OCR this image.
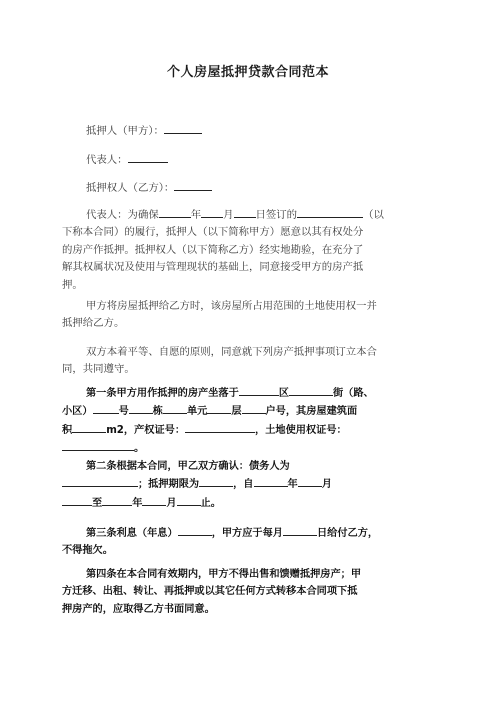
个人房屋抵押贷款合同范本
抵押人（甲方）：
代表人：
抵押权人（乙方）：
代表人：为确保	年 月 日签订的	（以
下称本合同）的履行，抵押人（以下简称甲方）愿意以其有权处分
的房产作抵押。抵押权人（以下简称乙方）经实地勘验，在充分了
解其权属状况及使用与管理现状的基础上，同意接受甲方的房产抵
押。
甲方将房屋抵押给乙方时，该房屋所占用范围的土地使用权一并
抵押给乙方。
双方本着平等、自愿的原则，同意就下列房产抵押事项订立本合
同，共同遵守。
第一条甲方用作抵押的房产坐落于	区	街（路、
小区）	号 栋 单元 层 户号，其房屋建筑面
积	m2，产权证号：	，土地使用权证号：
。
第二条根据本合同，甲乙双方确认：债务人为
；抵押期限为	，自	年 月
至	年 月 止。
第三条利息（年息）	，甲方应于每月	日给付乙方，
不得拖欠。
第四条在本合同有效期内，甲方不得出售和馈赠抵押房产；甲
方迁移、出租、转让、再抵押或以其它任何方式转移本合同项下抵
押房产的，应取得乙方书面同意。
